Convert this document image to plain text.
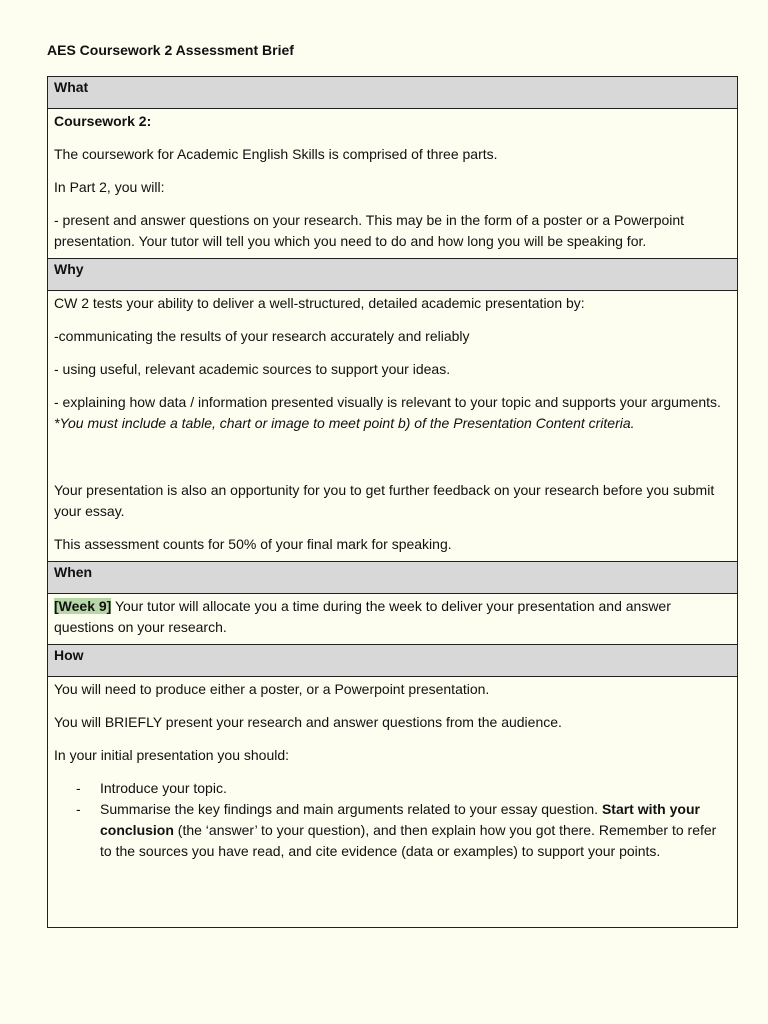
AES Coursework 2 Assessment Brief
What

Coursework 2:

The coursework for Academic English Skills is comprised of three parts.

In Part 2, you will:

- present and answer questions on your research. This may be in the form of a poster or a Powerpoint presentation. Your tutor will tell you which you need to do and how long you will be speaking for.

Why

CW 2 tests your ability to deliver a well-structured, detailed academic presentation by:

-communicating the results of your research accurately and reliably

- using useful, relevant academic sources to support your ideas.

- explaining how data / information presented visually is relevant to your topic and supports your arguments.  *You must include a table, chart or image to meet point b) of the Presentation Content criteria.

Your presentation is also an opportunity for you to get further feedback on your research before you submit your essay.

This assessment counts for 50% of your final mark for speaking.

When

[Week 9] Your tutor will allocate you a time during the week to deliver your presentation and answer questions on your research.

How

You will need to produce either a poster, or a Powerpoint presentation.

You will BRIEFLY present your research and answer questions from the audience.

In your initial presentation you should:

- Introduce your topic.
- Summarise the key findings and main arguments related to your essay question. Start with your conclusion (the ‘answer’ to your question), and then explain how you got there. Remember to refer to the sources you have read, and cite evidence (data or examples) to support your points.
